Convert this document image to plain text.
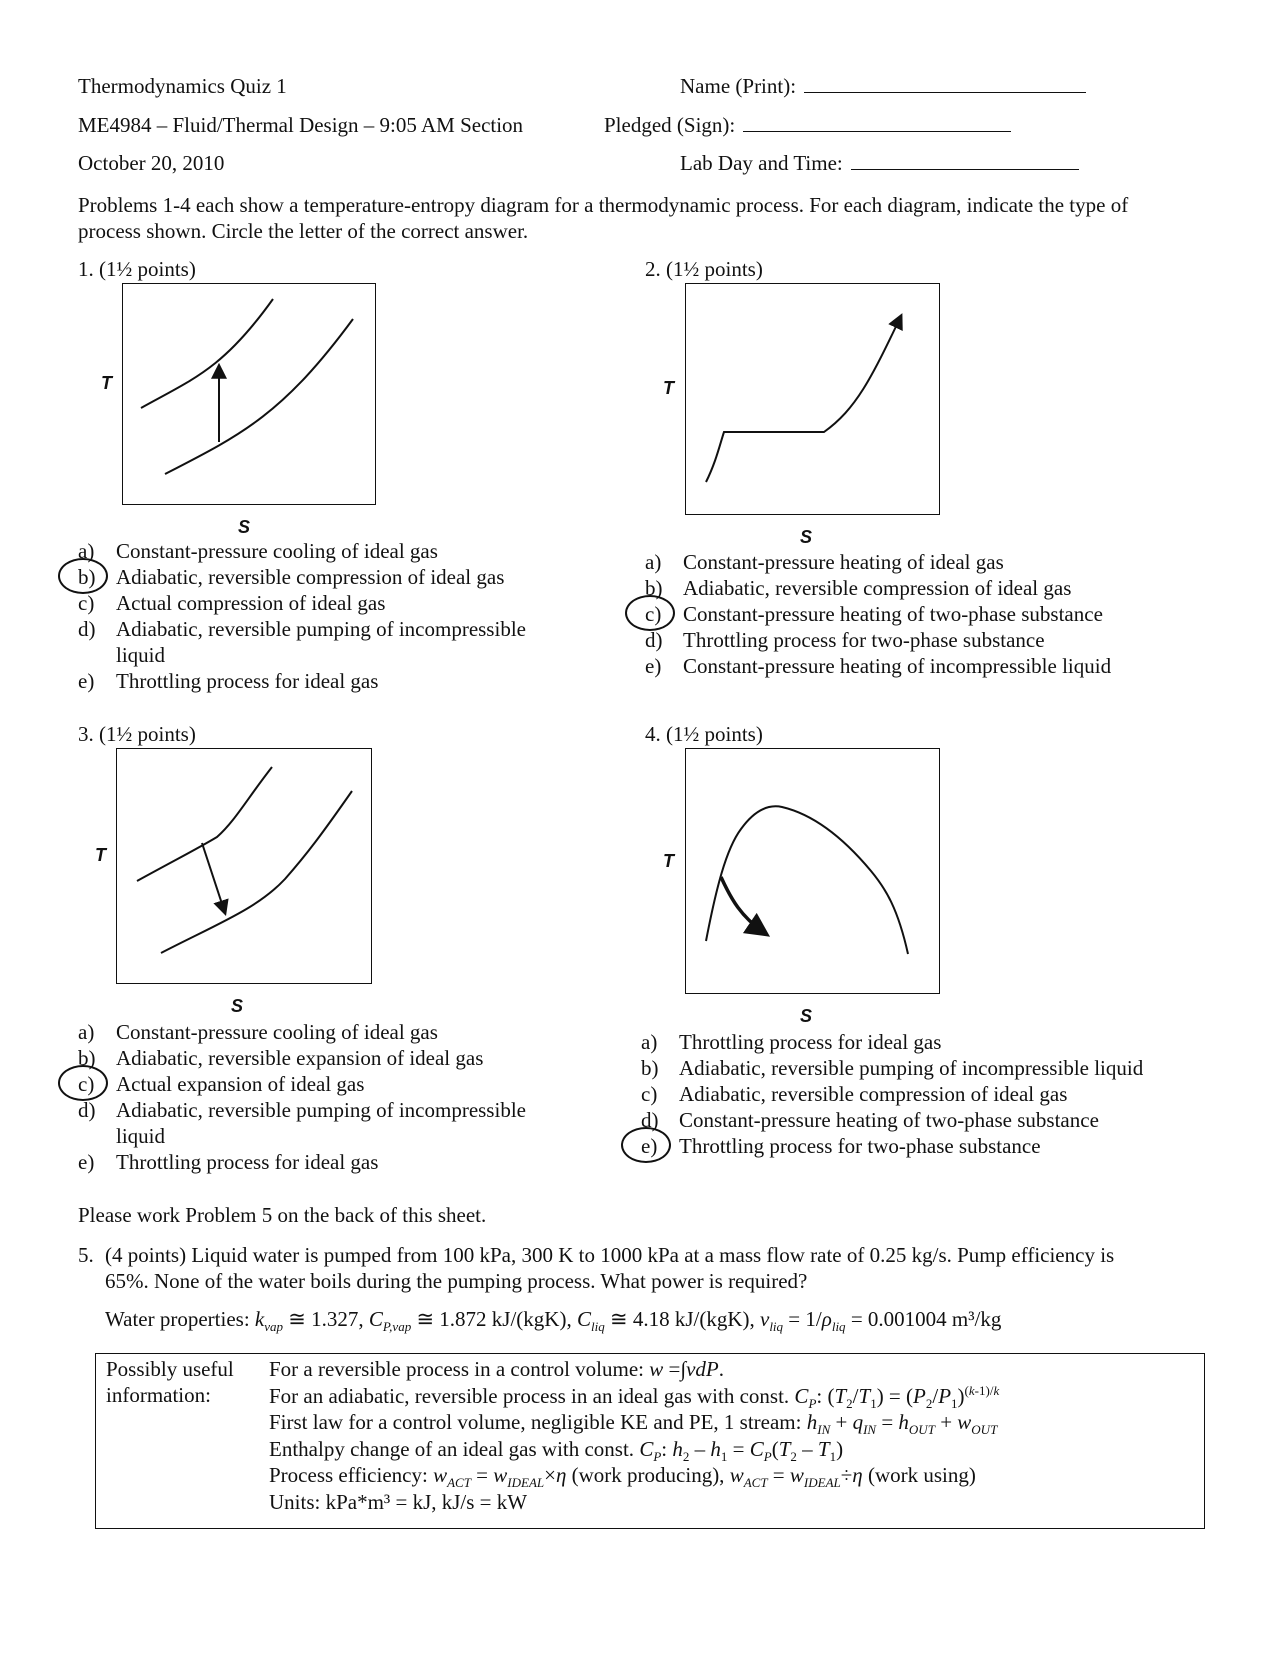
Thermodynamics Quiz 1
ME4984 – Fluid/Thermal Design – 9:05 AM Section
October 20, 2010
Name (Print):
Pledged (Sign):
Lab Day and Time:
Problems 1-4 each show a temperature-entropy diagram for a thermodynamic process. For each diagram, indicate the type of process shown. Circle the letter of the correct answer.
1. (1½ points)
T
S
a)	Constant-pressure cooling of ideal gas
b) Adiabatic, reversible compression of ideal gas
c)	Actual compression of ideal gas
d) Adiabatic, reversible pumping of incompressible
liquid
e)	Throttling process for ideal gas
2. (1½ points)
T
S
a)	Constant-pressure heating of ideal gas
b) Adiabatic, reversible compression of ideal gas
c)	Constant-pressure heating of two-phase substance
d) Throttling process for two-phase substance
e)	Constant-pressure heating of incompressible liquid
3. (1½ points)
T
S
a)	Constant-pressure cooling of ideal gas
b) Adiabatic, reversible expansion of ideal gas
c)	Actual expansion of ideal gas
d) Adiabatic, reversible pumping of incompressible
liquid
e)	Throttling process for ideal gas
4. (1½ points)
T
S
a)	Throttling process for ideal gas
b) Adiabatic, reversible pumping of incompressible liquid
c)	Adiabatic, reversible compression of ideal gas
d) Constant-pressure heating of two-phase substance
e)	Throttling process for two-phase substance
Please work Problem 5 on the back of this sheet.
5. (4 points) Liquid water is pumped from 100 kPa, 300 K to 1000 kPa at a mass flow rate of 0.25 kg/s. Pump efficiency is 65%. None of the water boils during the pumping process. What power is required?
Water properties: $k_{vap}$ ≅ 1.327, $C_{P,vap}$ ≅ 1.872 kJ/(kgK), $C_{liq}$ ≅ 4.18 kJ/(kgK), $v_{liq} = 1/\rho_{liq} = 0.001004$ m³/kg
Possibly useful information:
For a reversible process in a control volume: w =∫vdP.
For an adiabatic, reversible process in an ideal gas with const. $C_P$: $(T_2/T_1) = (P_2/P_1)^{(k-1)/k}$
First law for a control volume, negligible KE and PE, 1 stream: $h_{IN} + q_{IN} = h_{OUT} + w_{OUT}$
Enthalpy change of an ideal gas with const. $C_P$: $h_2 - h_1 = C_P(T_2 - T_1)$
Process efficiency: $w_{ACT} = w_{IDEAL}\times\eta$ (work producing), $w_{ACT} = w_{IDEAL}\div\eta$ (work using)
Units: kPa*m³ = kJ, kJ/s = kW
